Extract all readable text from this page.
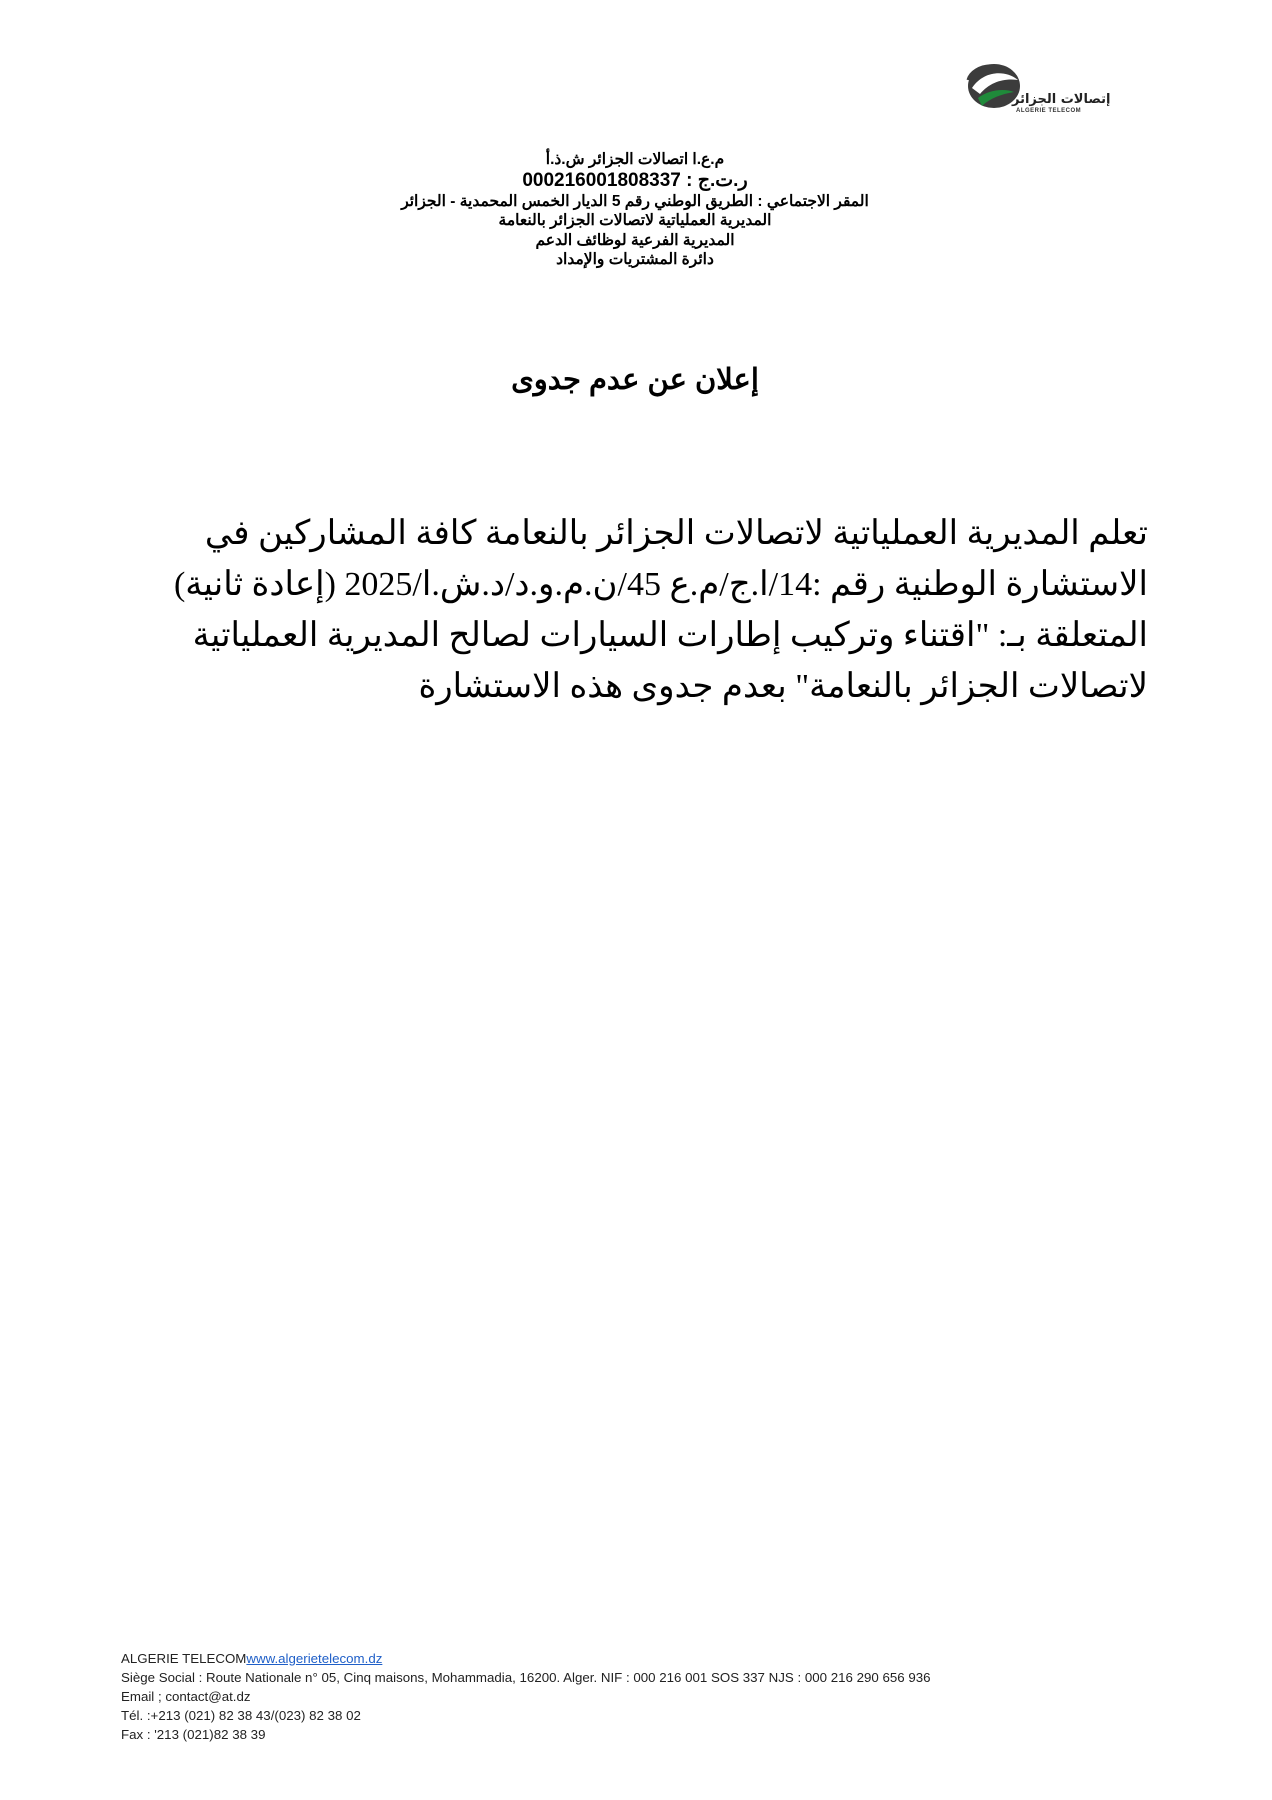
إتصالات الجزائر
ALGERIE TELECOM
م.ع.ا اتصالات الجزائر ش.ذ.أ
ر.ت.ج : 000216001808337
المقر الاجتماعي : الطريق الوطني رقم 5 الديار الخمس المحمدية - الجزائر
المديرية العملياتية لاتصالات الجزائر بالنعامة
المديرية الفرعية لوظائف الدعم
دائرة المشتريات والإمداد
إعلان عن عدم جدوى
تعلم المديرية العملياتية لاتصالات الجزائر بالنعامة كافة المشاركين في
الاستشارة الوطنية رقم :14/ا.ج/م.ع 45/ن.م.و.د/د.ش.ا/2025 (إعادة ثانية)
المتعلقة بـ: "اقتناء وتركيب إطارات السيارات لصالح المديرية العملياتية
لاتصالات الجزائر بالنعامة" بعدم جدوى هذه الاستشارة
ALGERIE TELECOMwww.algerietelecom.dz
Siège Social : Route Nationale n° 05, Cinq maisons, Mohammadia, 16200. Alger. NIF : 000 216 001 SOS 337 NJS : 000 216 290 656 936
Email ; contact@at.dz
Tél. :+213 (021) 82 38 43/(023) 82 38 02
Fax : '213 (021)82 38 39
